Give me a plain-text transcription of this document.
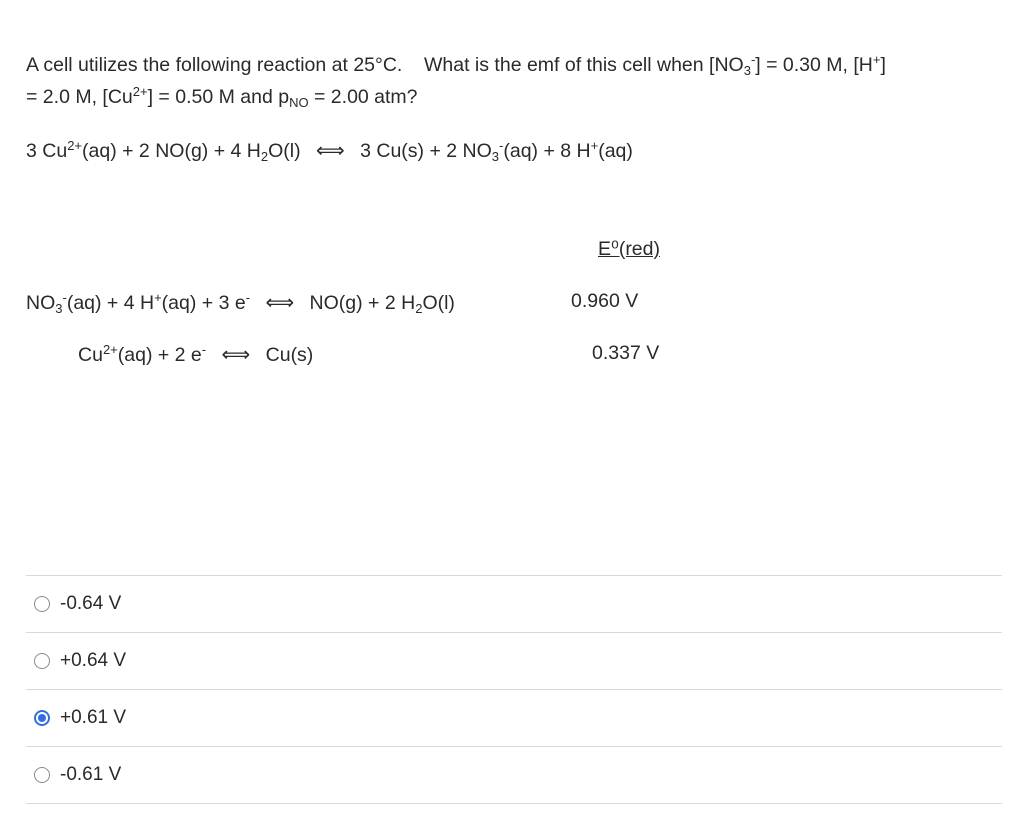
A cell utilizes the following reaction at 25°C. What is the emf of this cell when $[NO_3^-] = 0.30$ M, [H+]
= 2.0 M, $[Cu^{2+}] = 0.50$ M and $p_{NO} = 2.00$ atm?
3 $Cu^{2+}(aq) + 2$ NO(g) + 4 $H_2O(l)$ ⟺ 3 Cu(s) + 2 $NO_3^-(aq) + 8$ H+(aq)
E⁰(red)
$NO_3^-(aq) + 4$ H+(aq) + 3 e- ⟺ NO(g) + 2 $H_2O(l)$	0.960 V
$Cu^{2+}(aq) + 2$ e- ⟺ Cu(s)	0.337 V
-0.64 V
+0.64 V
+0.61 V
-0.61 V
